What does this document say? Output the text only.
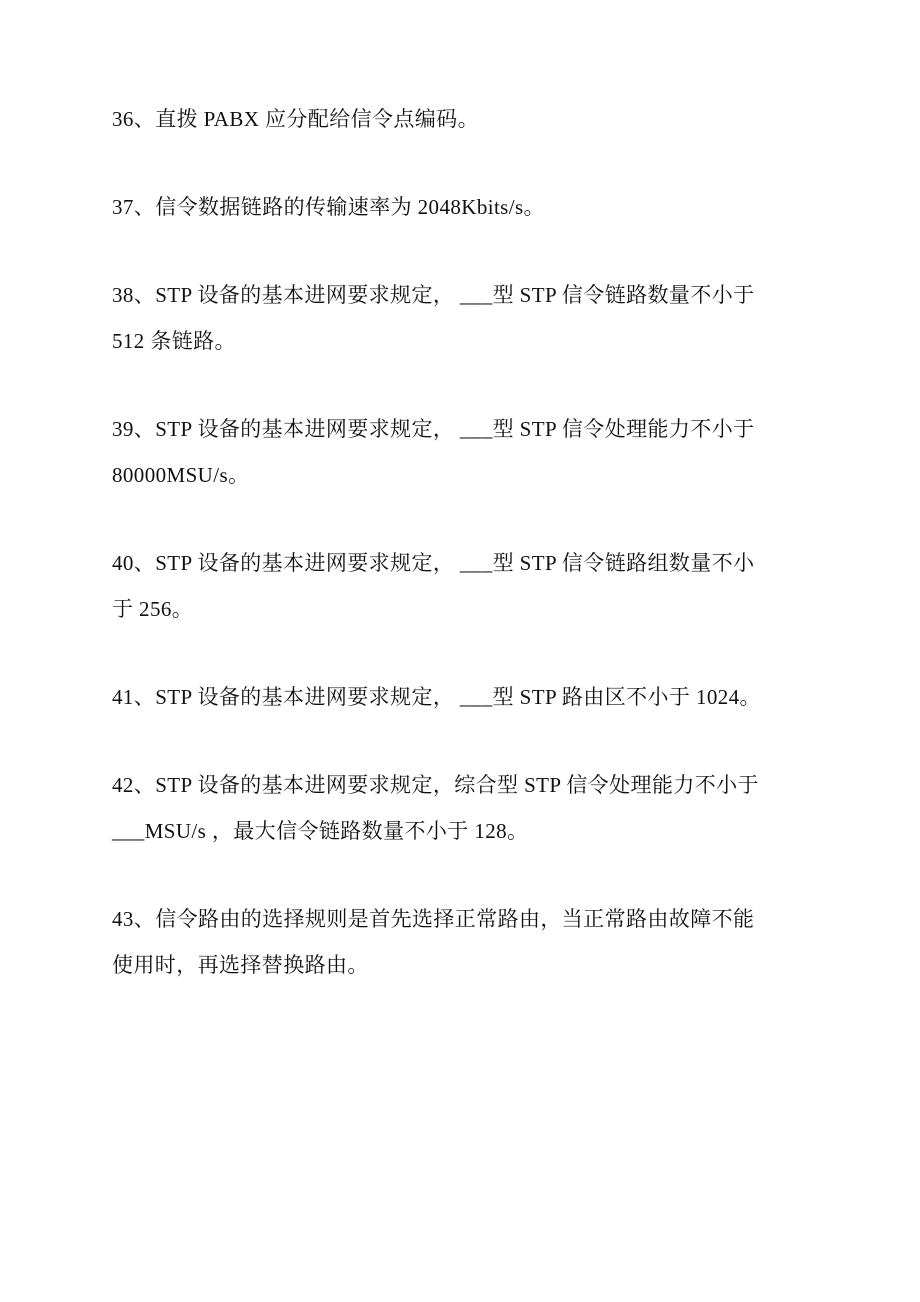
36、直拨 PABX 应分配给信令点编码。

37、信令数据链路的传输速率为 2048Kbits/s。

38、STP 设备的基本进网要求规定， ___型 STP 信令链路数量不小于 512 条链路。

39、STP 设备的基本进网要求规定， ___型 STP 信令处理能力不小于 80000MSU/s。

40、STP 设备的基本进网要求规定， ___型 STP 信令链路组数量不小于 256。

41、STP 设备的基本进网要求规定， ___型 STP 路由区不小于 1024。

42、STP 设备的基本进网要求规定，综合型 STP 信令处理能力不小于 ___MSU/s ，最大信令链路数量不小于 128。

43、信令路由的选择规则是首先选择正常路由，当正常路由故障不能使用时，再选择替换路由。
